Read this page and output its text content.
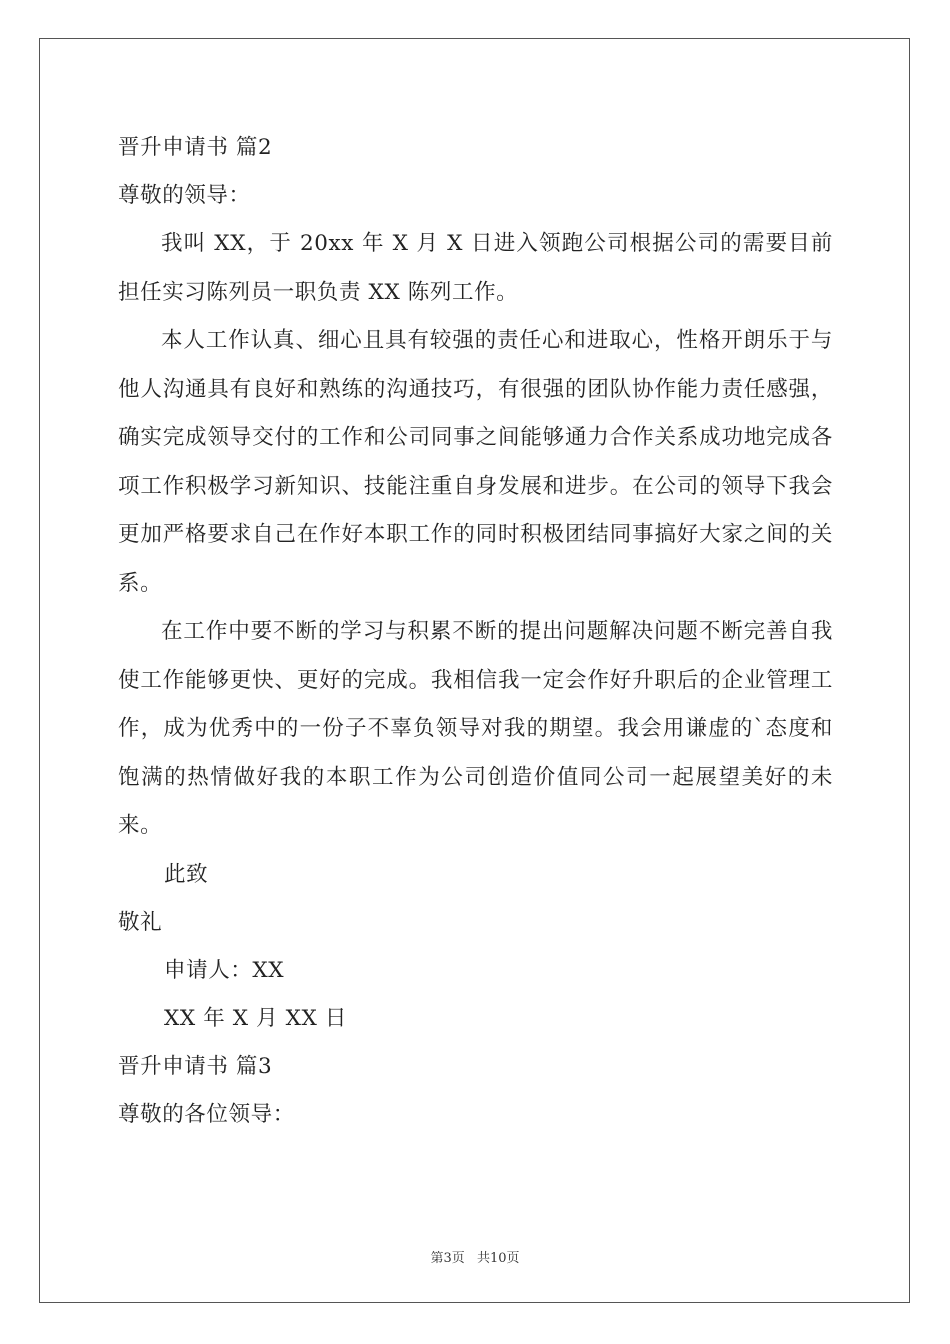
晋升申请书 篇2
尊敬的领导：
我叫 XX，于 20xx 年 X 月 X 日进入领跑公司根据公司的需要目前担任实习陈列员一职负责 XX 陈列工作。
本人工作认真、细心且具有较强的责任心和进取心，性格开朗乐于与他人沟通具有良好和熟练的沟通技巧，有很强的团队协作能力责任感强，确实完成领导交付的工作和公司同事之间能够通力合作关系成功地完成各项工作积极学习新知识、技能注重自身发展和进步。在公司的领导下我会更加严格要求自己在作好本职工作的同时积极团结同事搞好大家之间的关系。
在工作中要不断的学习与积累不断的提出问题解决问题不断完善自我使工作能够更快、更好的完成。我相信我一定会作好升职后的企业管理工作，成为优秀中的一份子不辜负领导对我的期望。我会用谦虚的`态度和饱满的热情做好我的本职工作为公司创造价值同公司一起展望美好的未来。
此致
敬礼
申请人：XX
XX 年 X 月 XX 日
晋升申请书 篇3
尊敬的各位领导：
第3页 共10页
